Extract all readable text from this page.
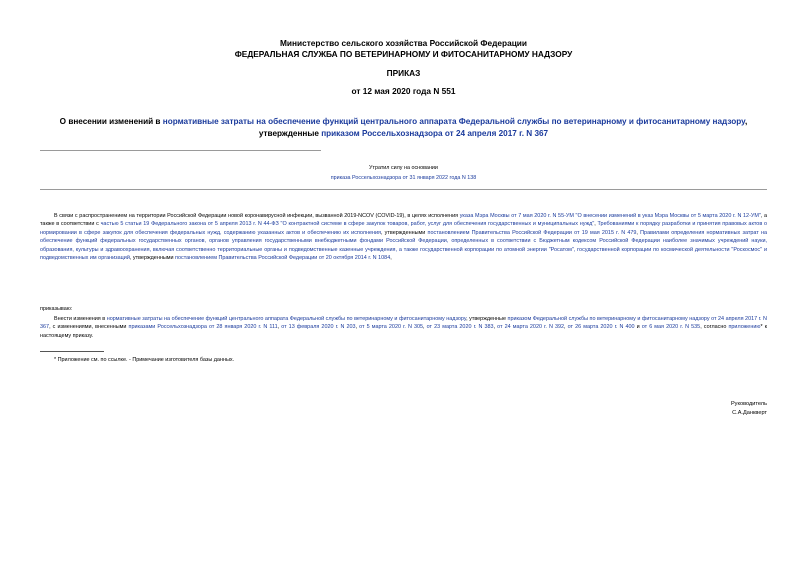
Министерство сельского хозяйства Российской Федерации
ФЕДЕРАЛЬНАЯ СЛУЖБА ПО ВЕТЕРИНАРНОМУ И ФИТОСАНИТАРНОМУ НАДЗОРУ
ПРИКАЗ
от 12 мая 2020 года N 551
О внесении изменений в нормативные затраты на обеспечение функций центрального аппарата Федеральной службы по ветеринарному и фитосанитарному надзору, утвержденные приказом Россельхознадзора от 24 апреля 2017 г. N 367
Утратил силу на основании
приказа Россельхознадзора от 31 января 2022 года N 138
В связи с распространением на территории Российской Федерации новой коронавирусной инфекции, вызванной 2019-NCOV (COVID-19), в целях исполнения указа Мэра Москвы от 7 мая 2020 г. N 55-УМ "О внесении изменений в указ Мэра Москвы от 5 марта 2020 г. N 12-УМ", а также в соответствии с частью 5 статьи 19 Федерального закона от 5 апреля 2013 г. N 44-ФЗ "О контрактной системе в сфере закупок товаров, работ, услуг для обеспечения государственных и муниципальных нужд", Требованиями к порядку разработки и принятия правовых актов о нормировании в сфере закупок для обеспечения федеральных нужд, содержанию указанных актов и обеспечению их исполнения, утвержденными постановлением Правительства Российской Федерации от 19 мая 2015 г. N 479, Правилами определения нормативных затрат на обеспечение функций федеральных государственных органов, органов управления государственными внебюджетными фондами Российской Федерации, определенных в соответствии с Бюджетным кодексом Российской Федерации наиболее значимых учреждений науки, образования, культуры и здравоохранения, включая соответственно территориальные органы и подведомственные казенные учреждения, а также государственной корпорации по атомной энергии "Росатом", государственной корпорации по космической деятельности "Роскосмос" и подведомственных им организаций, утвержденными постановлением Правительства Российской Федерации от 20 октября 2014 г. N 1084,
приказываю:
Внести изменения в нормативные затраты на обеспечение функций центрального аппарата Федеральной службы по ветеринарному и фитосанитарному надзору, утвержденные приказом Федеральной службы по ветеринарному и фитосанитарному надзору от 24 апреля 2017 г. N 367, с изменениями, внесенными приказами Россельхознадзора от 28 января 2020 г. N 111, от 13 февраля 2020 г. N 203, от 5 марта 2020 г. N 305, от 23 марта 2020 г. N 383, от 24 марта 2020 г. N 392, от 26 марта 2020 г. N 400 и от 6 мая 2020 г. N 535, согласно приложению* к настоящему приказу.
* Приложение см. по ссылке. - Примечание изготовителя базы данных.
Руководитель
С.А.Данкверт
